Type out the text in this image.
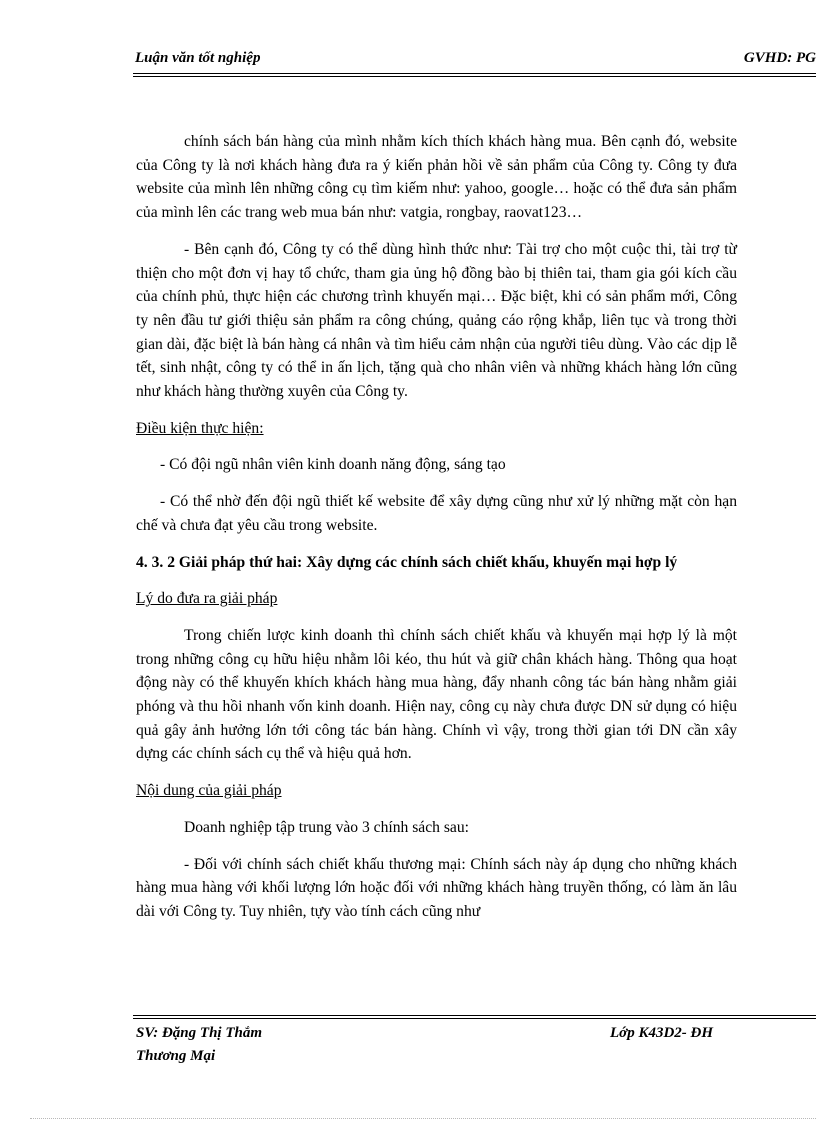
Luận văn tốt nghiệp	GVHD: PG

chính sách bán hàng của mình nhằm kích thích khách hàng mua. Bên cạnh đó, website của Công ty là nơi khách hàng đưa ra ý kiến phản hồi về sản phẩm của Công ty. Công ty đưa website của mình lên những công cụ tìm kiếm như: yahoo, google… hoặc có thể đưa sản phẩm của mình lên các trang web mua bán như: vatgia, rongbay, raovat123…

- Bên cạnh đó, Công ty có thể dùng hình thức như: Tài trợ cho một cuộc thi, tài trợ từ thiện cho một đơn vị hay tổ chức, tham gia ủng hộ đồng bào bị thiên tai, tham gia gói kích cầu của chính phủ, thực hiện các chương trình khuyến mại… Đặc biệt, khi có sản phẩm mới, Công ty nên đầu tư giới thiệu sản phẩm ra công chúng, quảng cáo rộng khắp, liên tục và trong thời gian dài, đặc biệt là bán hàng cá nhân và tìm hiểu cảm nhận của người tiêu dùng. Vào các dịp lễ tết, sinh nhật, công ty có thể in ấn lịch, tặng quà cho nhân viên và những khách hàng lớn cũng như khách hàng thường xuyên của Công ty.

Điều kiện thực hiện:

- Có đội ngũ nhân viên kinh doanh năng động, sáng tạo

- Có thể nhờ đến đội ngũ thiết kế website để xây dựng cũng như xử lý những mặt còn hạn chế và chưa đạt yêu cầu trong website.

4. 3. 2 Giải pháp thứ hai: Xây dựng các chính sách chiết khấu, khuyến mại hợp lý

Lý do đưa ra giải pháp

Trong chiến lược kinh doanh thì chính sách chiết khấu và khuyến mại hợp lý là một trong những công cụ hữu hiệu nhằm lôi kéo, thu hút và giữ chân khách hàng. Thông qua hoạt động này có thể khuyến khích khách hàng mua hàng, đẩy nhanh công tác bán hàng nhằm giải phóng và thu hồi nhanh vốn kinh doanh. Hiện nay, công cụ này chưa được DN sử dụng có hiệu quả gây ảnh hưởng lớn tới công tác bán hàng. Chính vì vậy, trong thời gian tới DN cần xây dựng các chính sách cụ thể và hiệu quả hơn.

Nội dung của giải pháp

Doanh nghiệp tập trung vào 3 chính sách sau:

- Đối với chính sách chiết khấu thương mại: Chính sách này áp dụng cho những khách hàng mua hàng với khối lượng lớn hoặc đối với những khách hàng truyền thống, có làm ăn lâu dài với Công ty. Tuy nhiên, tựy vào tính cách cũng như

SV: Đặng Thị Thắm
Thương Mại
Lớp K43D2- ĐH
